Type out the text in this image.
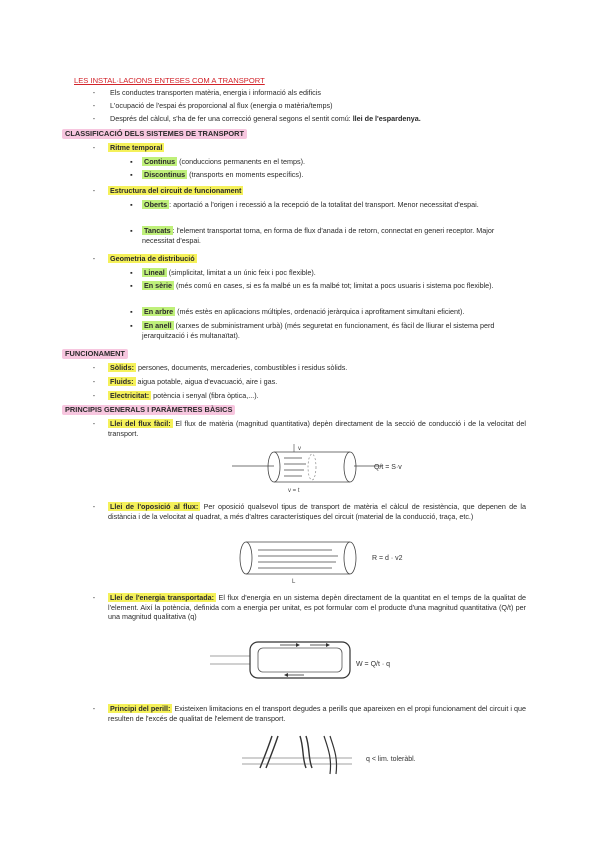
LES INSTAL·LACIONS ENTESES COM A TRANSPORT
-	Els conductes transporten matèria, energia i informació als edificis
-	L'ocupació de l'espai és proporcional al flux (energia o matèria/temps)
-	Després del càlcul, s'ha de fer una correcció general segons el sentit comú: llei de l'espardenya.
CLASSIFICACIÓ DELS SISTEMES DE TRANSPORT
-	Ritme temporal
▪ Continus (conduccions permanents en el temps).
▪ Discontinus (transports en moments específics).
-	Estructura del circuit de funcionament
▪ Oberts : aportació a l'origen i recessió a la recepció de la totalitat del transport. Menor necessitat d'espai.
▪ Tancats : l'element transportat torna, en forma de flux d'anada i de retorn, connectat en generi receptor. Major necessitat d'espai.
-	Geometria de distribució
▪ Lineal (simplicitat, limitat a un únic feix i poc flexible).
▪ En sèrie (més comú en cases, si es fa malbé un es fa malbé tot; limitat a pocs usuaris i sistema poc flexible).
▪ En arbre (més estès en aplicacions múltiples, ordenació jeràrquica i aprofitament simultani eficient).
▪ En anell (xarxes de subministrament urbà) (més seguretat en funcionament, és fàcil de lliurar el sistema perd jerarquització i és multanaïtat).
FUNCIONAMENT
-	Sòlids: persones, documents, mercaderies, combustibles i residus sòlids.
-	Fluids: aigua potable, aigua d'evacuació, aire i gas.
-	Electricitat: potència i senyal (fibra òptica,...).
PRINCIPIS GENERALS I PARÀMETRES BÀSICS
-	Llei del flux fàcil: El flux de matèria (magnitud quantitativa) depèn directament de la secció de conducció i de la velocitat del transport.
v
v = t
Q/t = S·v
-	Llei de l'oposició al flux: Per oposició qualsevol tipus de transport de matèria el càlcul de resistència, que depenen de la distància i de la velocitat al quadrat, a més d'altres característiques del circuit (material de la conducció, traça, etc.)
L
R = d · v2
-	Llei de l'energia transportada: El flux d'energia en un sistema depèn directament de la quantitat en el temps de la qualitat de l'element. Així la potència, definida com a energia per unitat, es pot formular com el producte d'una magnitud quantitativa (Q/t) per una magnitud qualitativa (q)
W = Q/t · q
-	Principi del perill: Existeixen limitacions en el transport degudes a perills que apareixen en el propi funcionament del circuit i que resulten de l'excés de qualitat de l'element de transport.
q < lim. toleràbl.
